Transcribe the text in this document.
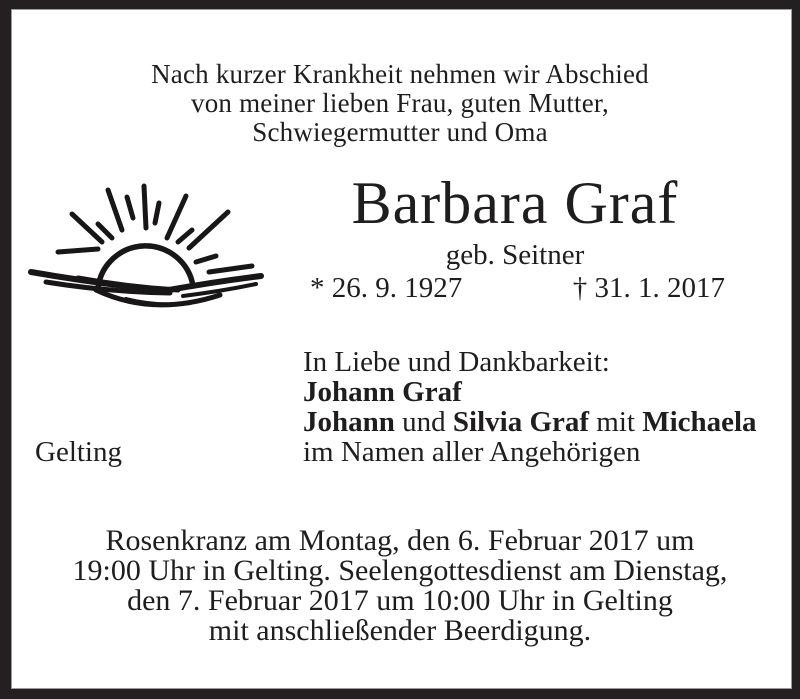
Nach kurzer Krankheit nehmen wir Abschied
von meiner lieben Frau, guten Mutter,
Schwiegermutter und Oma
Barbara Graf
geb. Seitner
* 26. 9. 1927	† 31. 1. 2017
In Liebe und Dankbarkeit:
Johann Graf
Johann und Silvia Graf mit Michaela
im Namen aller Angehörigen
Gelting
Rosenkranz am Montag, den 6. Februar 2017 um
19:00 Uhr in Gelting. Seelengottesdienst am Dienstag,
den 7. Februar 2017 um 10:00 Uhr in Gelting
mit anschließender Beerdigung.
